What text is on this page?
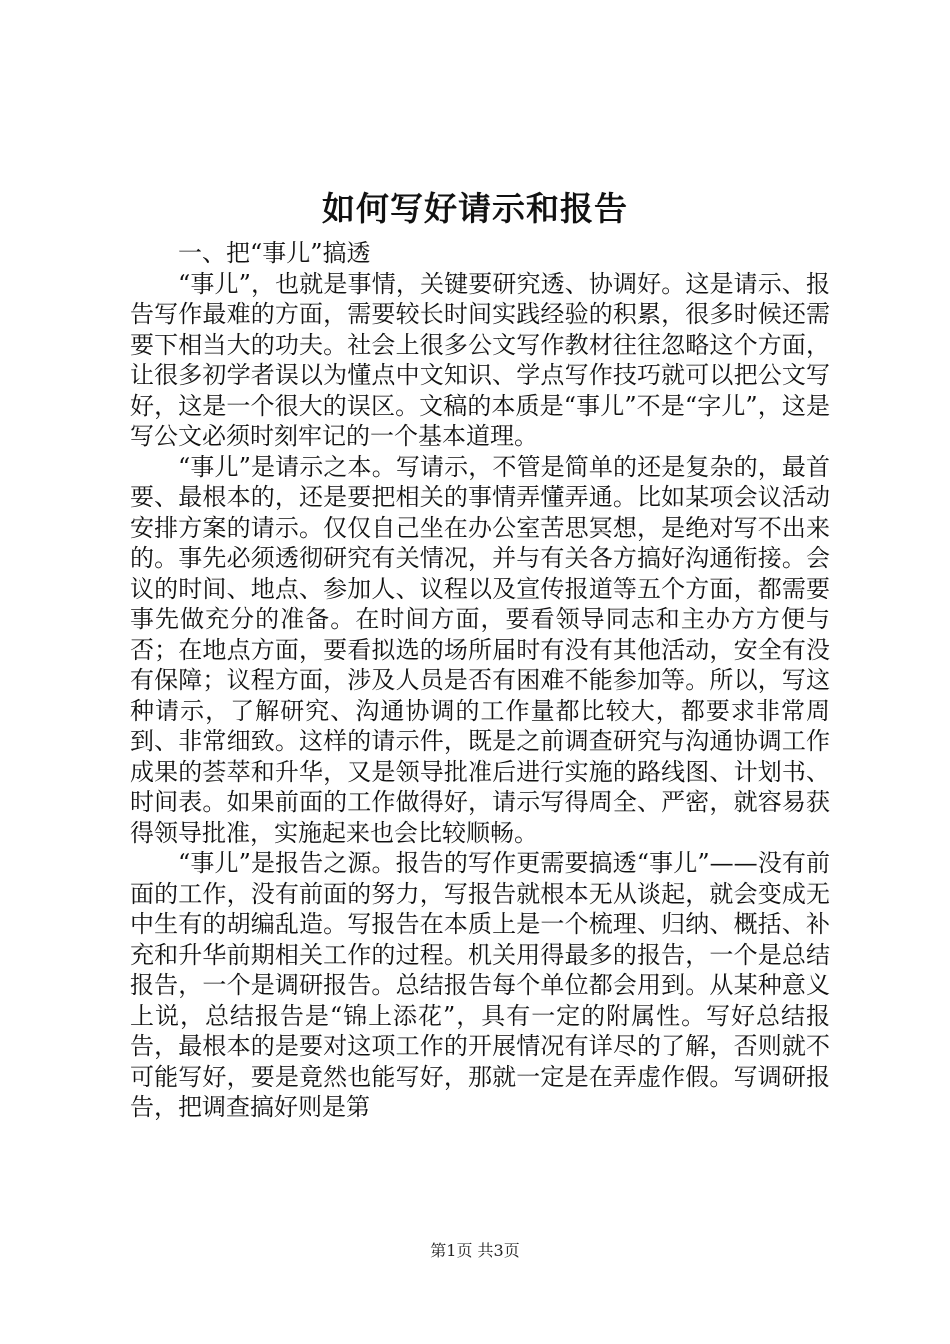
如何写好请示和报告

一、把“事儿”搞透

“事儿”，也就是事情，关键要研究透、协调好。这是请示、报告写作最难的方面，需要较长时间实践经验的积累，很多时候还需要下相当大的功夫。社会上很多公文写作教材往往忽略这个方面，让很多初学者误以为懂点中文知识、学点写作技巧就可以把公文写好，这是一个很大的误区。文稿的本质是“事儿”不是“字儿”，这是写公文必须时刻牢记的一个基本道理。

“事儿”是请示之本。写请示，不管是简单的还是复杂的，最首要、最根本的，还是要把相关的事情弄懂弄通。比如某项会议活动安排方案的请示。仅仅自己坐在办公室苦思冥想，是绝对写不出来的。事先必须透彻研究有关情况，并与有关各方搞好沟通衔接。会议的时间、地点、参加人、议程以及宣传报道等五个方面，都需要事先做充分的准备。在时间方面，要看领导同志和主办方方便与否；在地点方面，要看拟选的场所届时有没有其他活动，安全有没有保障；议程方面，涉及人员是否有困难不能参加等。所以，写这种请示，了解研究、沟通协调的工作量都比较大，都要求非常周到、非常细致。这样的请示件，既是之前调查研究与沟通协调工作成果的荟萃和升华，又是领导批准后进行实施的路线图、计划书、时间表。如果前面的工作做得好，请示写得周全、严密，就容易获得领导批准，实施起来也会比较顺畅。

“事儿”是报告之源。报告的写作更需要搞透“事儿”——没有前面的工作，没有前面的努力，写报告就根本无从谈起，就会变成无中生有的胡编乱造。写报告在本质上是一个梳理、归纳、概括、补充和升华前期相关工作的过程。机关用得最多的报告，一个是总结报告，一个是调研报告。总结报告每个单位都会用到。从某种意义上说，总结报告是“锦上添花”，具有一定的附属性。写好总结报告，最根本的是要对这项工作的开展情况有详尽的了解，否则就不可能写好，要是竟然也能写好，那就一定是在弄虚作假。写调研报告，把调查搞好则是第

第1页 共3页
